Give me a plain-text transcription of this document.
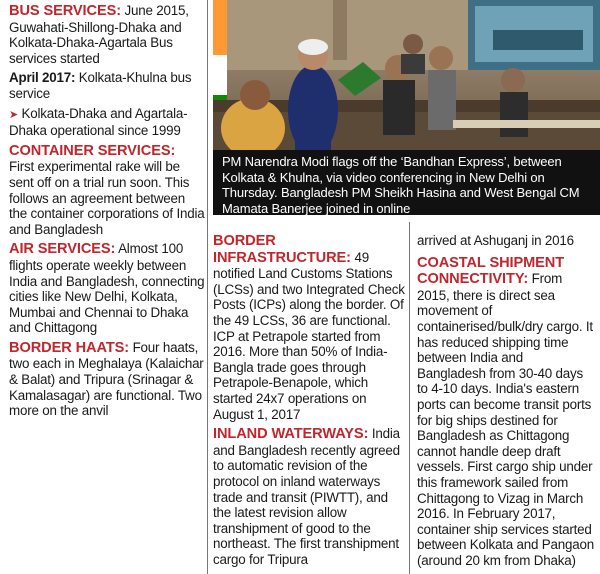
BUS SERVICES: June 2015, Guwahati-Shillong-Dhaka and Kolkata-Dhaka-Agartala Bus services started

April 2017: Kolkata-Khulna bus service

➤ Kolkata-Dhaka and Agartala-Dhaka operational since 1999

CONTAINER SERVICES:

First experimental rake will be sent off on a trial run soon. This follows an agreement between the container corporations of India and Bangladesh

AIR SERVICES: Almost 100 flights operate weekly between India and Bangladesh, connecting cities like New Delhi, Kolkata, Mumbai and Chennai to Dhaka and Chittagong

BORDER HAATS: Four haats, two each in Meghalaya (Kalaichar & Balat) and Tripura (Srinagar & Kamalasagar) are functional. Two more on the anvil

PM Narendra Modi flags off the ‘Bandhan Express’, between Kolkata & Khulna, via video conferencing in New Delhi on Thursday. Bangladesh PM Sheikh Hasina and West Bengal CM Mamata Banerjee joined in online

BORDER INFRASTRUCTURE: 49 notified Land Customs Stations (LCSs) and two Integrated Check Posts (ICPs) along the border. Of the 49 LCSs, 36 are functional. ICP at Petrapole started from 2016. More than 50% of India-Bangla trade goes through Petrapole-Benapole, which started 24x7 operations on August 1, 2017

INLAND WATERWAYS: India and Bangladesh recently agreed to automatic revision of the protocol on inland waterways trade and transit (PIWTT), and the latest revision allow transhipment of good to the northeast. The first transhipment cargo for Tripura

arrived at Ashuganj in 2016

COASTAL SHIPMENT CONNECTIVITY: From 2015, there is direct sea movement of containerised/bulk/dry cargo. It has reduced shipping time between India and Bangladesh from 30-40 days to 4-10 days. India's eastern ports can become transit ports for big ships destined for Bangladesh as Chittagong cannot handle deep draft vessels. First cargo ship under this framework sailed from Chittagong to Vizag in March 2016. In February 2017, container ship services started between Kolkata and Pangaon (around 20 km from Dhaka)
